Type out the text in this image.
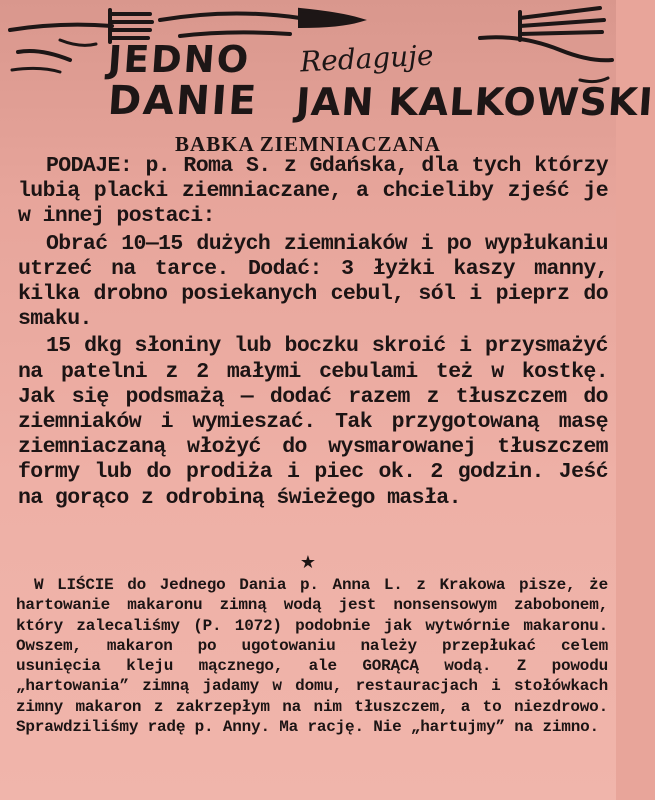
JEDNO Redaguje
DANIE JAN KALKOWSKI
BABKA ZIEMNIACZANA

PODAJE: p. Roma S. z Gdańska, dla tych którzy lubią placki ziemniaczane, a chcieliby zjeść je w innej postaci:

Obrać 10—15 dużych ziemniaków i po wypłukaniu utrzeć na tarce. Dodać: 3 łyżki kaszy manny, kilka drobno posiekanych cebul, sól i pieprz do smaku.

15 dkg słoniny lub boczku skroić i przysmażyć na patelni z 2 małymi cebulami też w kostkę. Jak się podsmażą — dodać razem z tłuszczem do ziemniaków i wymieszać. Tak przygotowaną masę ziemniaczaną włożyć do wysmarowanej tłuszczem formy lub do prodiża i piec ok. 2 godzin. Jeść na gorąco z odrobiną świeżego masła.

★

W LIŚCIE do Jednego Dania p. Anna L. z Krakowa pisze, że hartowanie makaronu zimną wodą jest nonsensowym zabobonem, który zalecaliśmy (P. 1072) podobnie jak wytwórnie makaronu. Owszem, makaron po ugotowaniu należy przepłukać celem usunięcia kleju mącznego, ale GORĄCĄ wodą. Z powodu „hartowania” zimną jadamy w domu, restauracjach i stołówkach zimny makaron z zakrzepłym na nim tłuszczem, a to niezdrowo. Sprawdziliśmy radę p. Anny. Ma rację. Nie „hartujmy” na zimno.
